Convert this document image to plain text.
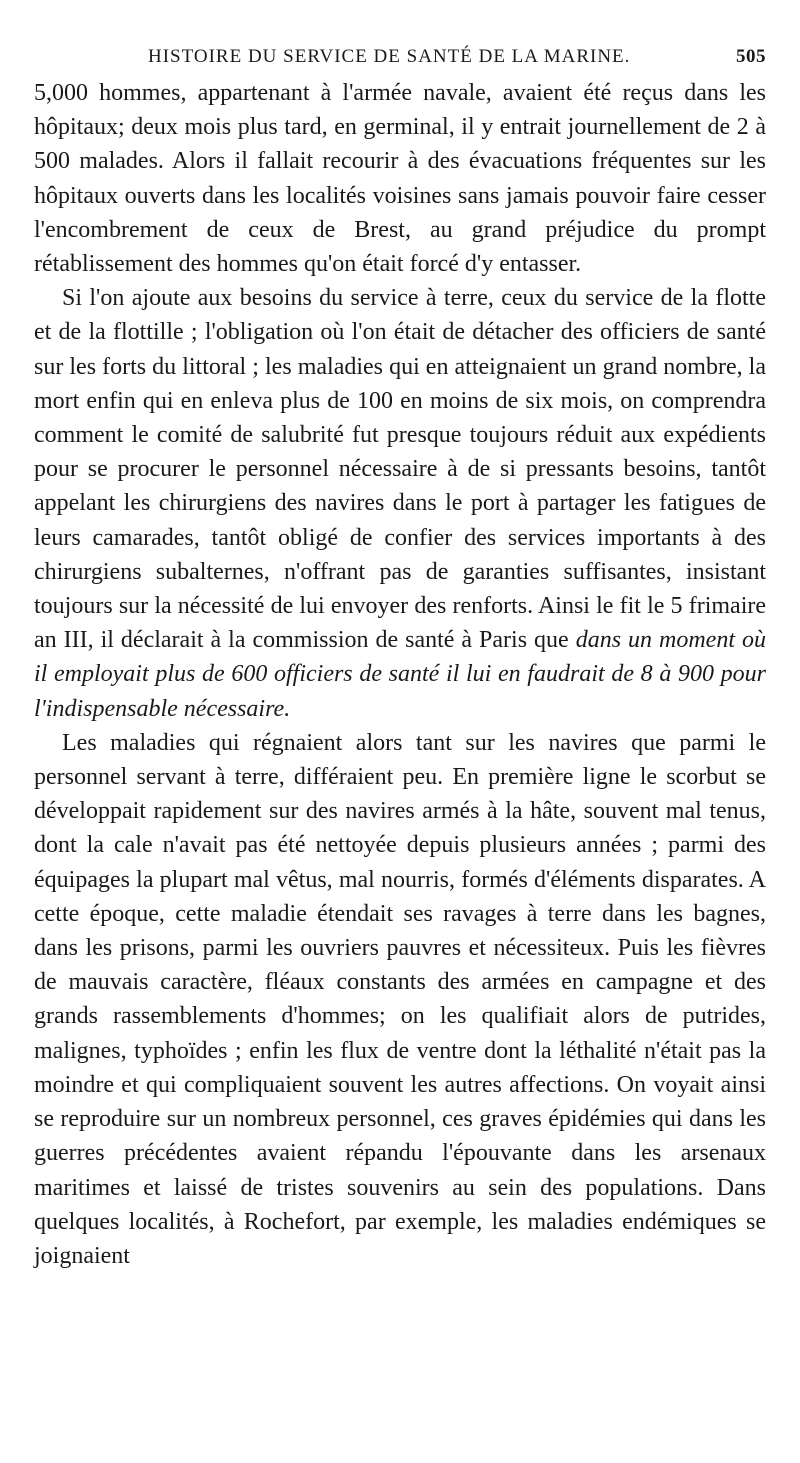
HISTOIRE DU SERVICE DE SANTÉ DE LA MARINE.	505

5,000 hommes, appartenant à l'armée navale, avaient été reçus dans les hôpitaux; deux mois plus tard, en germinal, il y entrait journellement de 2 à 500 malades. Alors il fallait recourir à des évacuations fréquentes sur les hôpitaux ouverts dans les localités voisines sans jamais pouvoir faire cesser l'encombrement de ceux de Brest, au grand préjudice du prompt rétablissement des hommes qu'on était forcé d'y entasser.

Si l'on ajoute aux besoins du service à terre, ceux du service de la flotte et de la flottille ; l'obligation où l'on était de détacher des officiers de santé sur les forts du littoral ; les maladies qui en atteignaient un grand nombre, la mort enfin qui en enleva plus de 100 en moins de six mois, on comprendra comment le comité de salubrité fut presque toujours réduit aux expédients pour se procurer le personnel nécessaire à de si pressants besoins, tantôt appelant les chirurgiens des navires dans le port à partager les fatigues de leurs camarades, tantôt obligé de confier des services importants à des chirurgiens subalternes, n'offrant pas de garanties suffisantes, insistant toujours sur la nécessité de lui envoyer des renforts. Ainsi le fit le 5 frimaire an III, il déclarait à la commission de santé à Paris que dans un moment où il employait plus de 600 officiers de santé il lui en faudrait de 8 à 900 pour l'indispensable nécessaire.

Les maladies qui régnaient alors tant sur les navires que parmi le personnel servant à terre, différaient peu. En première ligne le scorbut se développait rapidement sur des navires armés à la hâte, souvent mal tenus, dont la cale n'avait pas été nettoyée depuis plusieurs années ; parmi des équipages la plupart mal vêtus, mal nourris, formés d'éléments disparates. A cette époque, cette maladie étendait ses ravages à terre dans les bagnes, dans les prisons, parmi les ouvriers pauvres et nécessiteux. Puis les fièvres de mauvais caractère, fléaux constants des armées en campagne et des grands rassemblements d'hommes; on les qualifiait alors de putrides, malignes, typhoïdes ; enfin les flux de ventre dont la léthalité n'était pas la moindre et qui compliquaient souvent les autres affections. On voyait ainsi se reproduire sur un nombreux personnel, ces graves épidémies qui dans les guerres précédentes avaient répandu l'épouvante dans les arsenaux maritimes et laissé de tristes souvenirs au sein des populations. Dans quelques localités, à Rochefort, par exemple, les maladies endémiques se joignaient
